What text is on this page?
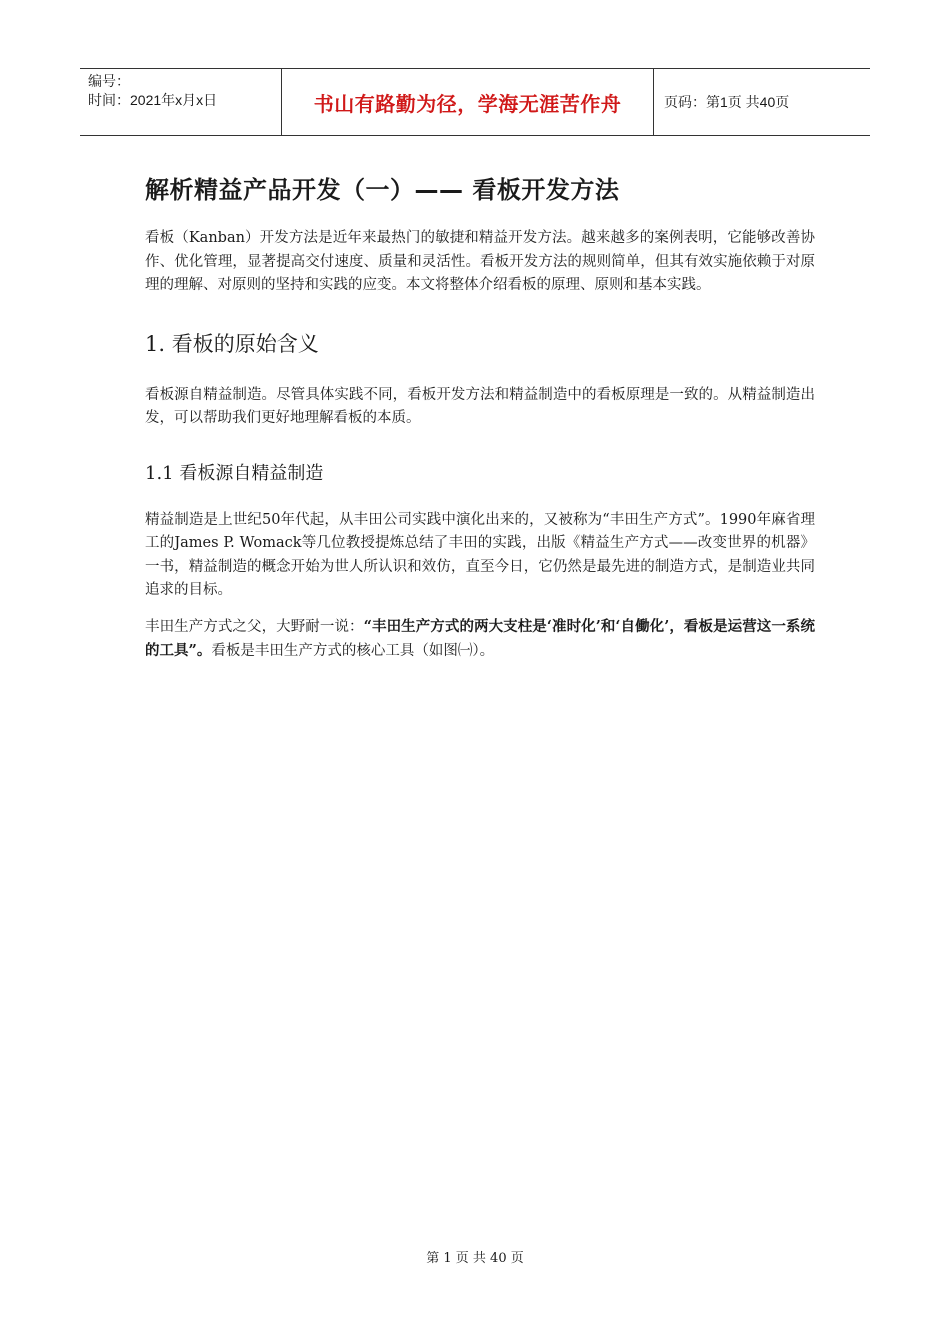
编号：
时间：2021年x月x日	书山有路勤为径，学海无涯苦作舟	页码：第1页 共40页
解析精益产品开发（一）—— 看板开发方法

看板（Kanban）开发方法是近年来最热门的敏捷和精益开发方法。越来越多的案例表明，它能够改善协作、优化管理，显著提高交付速度、质量和灵活性。看板开发方法的规则简单，但其有效实施依赖于对原理的理解、对原则的坚持和实践的应变。本文将整体介绍看板的原理、原则和基本实践。

1. 看板的原始含义

看板源自精益制造。尽管具体实践不同，看板开发方法和精益制造中的看板原理是一致的。从精益制造出发，可以帮助我们更好地理解看板的本质。

1.1 看板源自精益制造

精益制造是上世纪50年代起，从丰田公司实践中演化出来的，又被称为“丰田生产方式”。1990年麻省理工的James P. Womack等几位教授提炼总结了丰田的实践，出版《精益生产方式——改变世界的机器》一书，精益制造的概念开始为世人所认识和效仿，直至今日，它仍然是最先进的制造方式，是制造业共同追求的目标。

丰田生产方式之父，大野耐一说：“丰田生产方式的两大支柱是‘准时化’和‘自働化’，看板是运营这一系统的工具”。看板是丰田生产方式的核心工具（如图㈠）。

第 1 页 共 40 页
